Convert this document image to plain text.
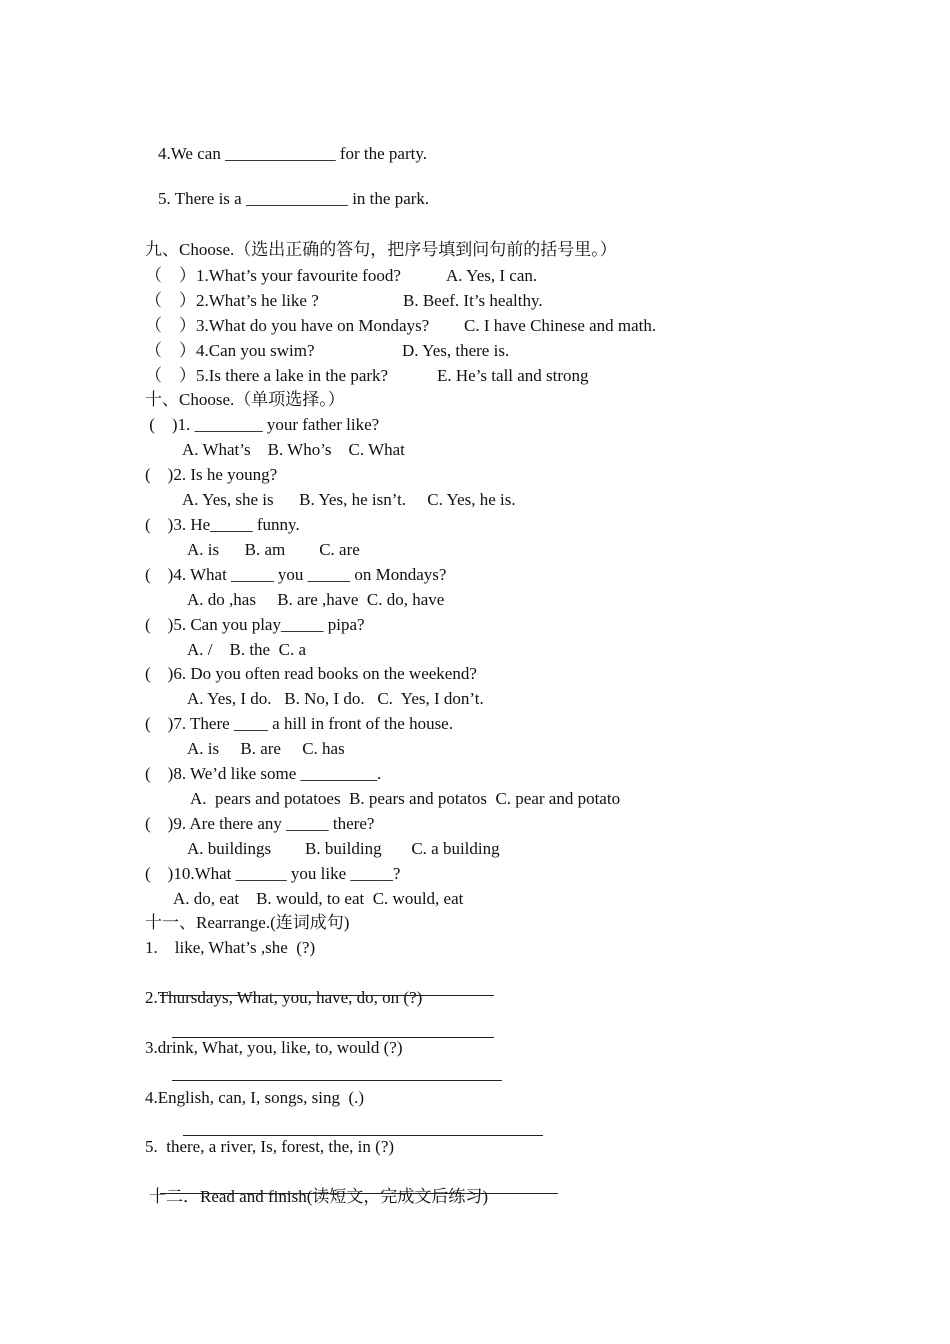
4.We can _____________ for the party.
5. There is a ____________ in the park.
九、Choose.（选出正确的答句，把序号填到问句前的括号里。）
（    ）1.What’s your favourite food?	A. Yes, I can.
（    ）2.What’s he like ?	B. Beef. It’s healthy.
（    ）3.What do you have on Mondays? C. I have Chinese and math.
（    ）4.Can you swim?	D. Yes, there is.
（    ）5.Is there a lake in the park?	E. He’s tall and strong
十、Choose.（单项选择。）
(    )1. ________ your father like?
A. What’s    B. Who’s    C. What
(    )2. Is he young?
A. Yes, she is      B. Yes, he isn’t.     C. Yes, he is.
(    )3. He_____ funny.
A. is      B. am        C. are
(    )4. What _____ you _____ on Mondays?
A. do ,has     B. are ,have  C. do, have
(    )5. Can you play_____ pipa?
A. /    B. the  C. a
(    )6. Do you often read books on the weekend?
A. Yes, I do.   B. No, I do.   C.  Yes, I don’t.
(    )7. There ____ a hill in front of the house.
A. is     B. are     C. has
(    )8. We’d like some _________.
A.  pears and potatoes  B. pears and potatos  C. pear and potato
(    )9. Are there any _____ there?
A. buildings        B. building       C. a building
(    )10.What ______ you like _____?
A. do, eat    B. would, to eat  C. would, eat
十一、Rearrange.(连词成句)
1.    like, What’s ,she  (?)
2.Thursdays, What, you, have, do, on (?)
3.drink, What, you, like, to, would (?)
4.English, can, I, songs, sing  (.)
5.  there, a river, Is, forest, the, in (?)
十二．Read and finish(读短文，完成文后练习)
